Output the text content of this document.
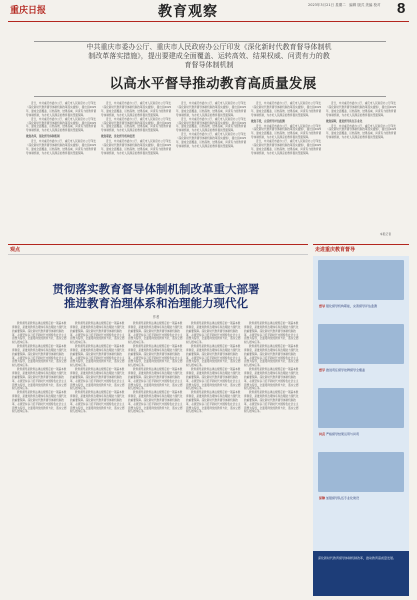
重庆日报	教育观察	2023年3月21日 星期二　编辑 版式 美编 校对	8
中共重庆市委办公厅、重庆市人民政府办公厅印发《深化新时代教育督导体制机制改革落实措施》，提出要建成全面覆盖、运转高效、结果权威、问责有力的教育督导体制机制
以高水平督导推动教育高质量发展

近日，中共重庆市委办公厅、重庆市人民政府办公厅印发《深化新时代教育督导体制机制改革落实措施》，提出到2025年，建成全面覆盖、运转高效、结果权威、问责有力的教育督导体制机制，为办好人民满意的教育提供坚强保障。

近日，中共重庆市委办公厅、重庆市人民政府办公厅印发《深化新时代教育督导体制机制改革落实措施》，提出到2025年，建成全面覆盖、运转高效、结果权威、问责有力的教育督导体制机制，为办好人民满意的教育提供坚强保障。

聚焦改革，强化督导体制机制

近日，中共重庆市委办公厅、重庆市人民政府办公厅印发《深化新时代教育督导体制机制改革落实措施》，提出到2025年，建成全面覆盖、运转高效、结果权威、问责有力的教育督导体制机制，为办好人民满意的教育提供坚强保障。

近日，中共重庆市委办公厅、重庆市人民政府办公厅印发《深化新时代教育督导体制机制改革落实措施》，提出到2025年，建成全面覆盖、运转高效、结果权威、问责有力的教育督导体制机制，为办好人民满意的教育提供坚强保障。

近日，中共重庆市委办公厅、重庆市人民政府办公厅印发《深化新时代教育督导体制机制改革落实措施》，提出到2025年，建成全面覆盖、运转高效、结果权威、问责有力的教育督导体制机制，为办好人民满意的教育提供坚强保障。

聚焦职能，优化督导机构设置

近日，中共重庆市委办公厅、重庆市人民政府办公厅印发《深化新时代教育督导体制机制改革落实措施》，提出到2025年，建成全面覆盖、运转高效、结果权威、问责有力的教育督导体制机制，为办好人民满意的教育提供坚强保障。

近日，中共重庆市委办公厅、重庆市人民政府办公厅印发《深化新时代教育督导体制机制改革落实措施》，提出到2025年，建成全面覆盖、运转高效、结果权威、问责有力的教育督导体制机制，为办好人民满意的教育提供坚强保障。

近日，中共重庆市委办公厅、重庆市人民政府办公厅印发《深化新时代教育督导体制机制改革落实措施》，提出到2025年，建成全面覆盖、运转高效、结果权威、问责有力的教育督导体制机制，为办好人民满意的教育提供坚强保障。

近日，中共重庆市委办公厅、重庆市人民政府办公厅印发《深化新时代教育督导体制机制改革落实措施》，提出到2025年，建成全面覆盖、运转高效、结果权威、问责有力的教育督导体制机制，为办好人民满意的教育提供坚强保障。

近日，中共重庆市委办公厅、重庆市人民政府办公厅印发《深化新时代教育督导体制机制改革落实措施》，提出到2025年，建成全面覆盖、运转高效、结果权威、问责有力的教育督导体制机制，为办好人民满意的教育提供坚强保障。

聚焦手段，完善督导评估监测

近日，中共重庆市委办公厅、重庆市人民政府办公厅印发《深化新时代教育督导体制机制改革落实措施》，提出到2025年，建成全面覆盖、运转高效、结果权威、问责有力的教育督导体制机制，为办好人民满意的教育提供坚强保障。

近日，中共重庆市委办公厅、重庆市人民政府办公厅印发《深化新时代教育督导体制机制改革落实措施》，提出到2025年，建成全面覆盖、运转高效、结果权威、问责有力的教育督导体制机制，为办好人民满意的教育提供坚强保障。

近日，中共重庆市委办公厅、重庆市人民政府办公厅印发《深化新时代教育督导体制机制改革落实措施》，提出到2025年，建成全面覆盖、运转高效、结果权威、问责有力的教育督导体制机制，为办好人民满意的教育提供坚强保障。

聚焦保障，推进督导队伍专业化

近日，中共重庆市委办公厅、重庆市人民政府办公厅印发《深化新时代教育督导体制机制改革落实措施》，提出到2025年，建成全面覆盖、运转高效、结果权威、问责有力的教育督导体制机制，为办好人民满意的教育提供坚强保障。

本报记者
观点	走进重庆教育督导
贯彻落实教育督导体制机制改革重大部署
推进教育治理体系和治理能力现代化
作者

教育督导是教育法律法规规定的一项基本教育制度，是推进教育治理体系和治理能力现代化的重要保障。深化新时代教育督导体制机制改革，必须坚持以习近平新时代中国特色社会主义思想为指导，全面贯彻党的教育方针，落实立德树人根本任务。

教育督导是教育法律法规规定的一项基本教育制度，是推进教育治理体系和治理能力现代化的重要保障。深化新时代教育督导体制机制改革，必须坚持以习近平新时代中国特色社会主义思想为指导，全面贯彻党的教育方针，落实立德树人根本任务。

教育督导是教育法律法规规定的一项基本教育制度，是推进教育治理体系和治理能力现代化的重要保障。深化新时代教育督导体制机制改革，必须坚持以习近平新时代中国特色社会主义思想为指导，全面贯彻党的教育方针，落实立德树人根本任务。

教育督导是教育法律法规规定的一项基本教育制度，是推进教育治理体系和治理能力现代化的重要保障。深化新时代教育督导体制机制改革，必须坚持以习近平新时代中国特色社会主义思想为指导，全面贯彻党的教育方针，落实立德树人根本任务。

教育督导是教育法律法规规定的一项基本教育制度，是推进教育治理体系和治理能力现代化的重要保障。深化新时代教育督导体制机制改革，必须坚持以习近平新时代中国特色社会主义思想为指导，全面贯彻党的教育方针，落实立德树人根本任务。

教育督导是教育法律法规规定的一项基本教育制度，是推进教育治理体系和治理能力现代化的重要保障。深化新时代教育督导体制机制改革，必须坚持以习近平新时代中国特色社会主义思想为指导，全面贯彻党的教育方针，落实立德树人根本任务。

教育督导是教育法律法规规定的一项基本教育制度，是推进教育治理体系和治理能力现代化的重要保障。深化新时代教育督导体制机制改革，必须坚持以习近平新时代中国特色社会主义思想为指导，全面贯彻党的教育方针，落实立德树人根本任务。

教育督导是教育法律法规规定的一项基本教育制度，是推进教育治理体系和治理能力现代化的重要保障。深化新时代教育督导体制机制改革，必须坚持以习近平新时代中国特色社会主义思想为指导，全面贯彻党的教育方针，落实立德树人根本任务。

教育督导是教育法律法规规定的一项基本教育制度，是推进教育治理体系和治理能力现代化的重要保障。深化新时代教育督导体制机制改革，必须坚持以习近平新时代中国特色社会主义思想为指导，全面贯彻党的教育方针，落实立德树人根本任务。

教育督导是教育法律法规规定的一项基本教育制度，是推进教育治理体系和治理能力现代化的重要保障。深化新时代教育督导体制机制改革，必须坚持以习近平新时代中国特色社会主义思想为指导，全面贯彻党的教育方针，落实立德树人根本任务。

教育督导是教育法律法规规定的一项基本教育制度，是推进教育治理体系和治理能力现代化的重要保障。深化新时代教育督导体制机制改革，必须坚持以习近平新时代中国特色社会主义思想为指导，全面贯彻党的教育方针，落实立德树人根本任务。

教育督导是教育法律法规规定的一项基本教育制度，是推进教育治理体系和治理能力现代化的重要保障。深化新时代教育督导体制机制改革，必须坚持以习近平新时代中国特色社会主义思想为指导，全面贯彻党的教育方针，落实立德树人根本任务。

教育督导是教育法律法规规定的一项基本教育制度，是推进教育治理体系和治理能力现代化的重要保障。深化新时代教育督导体制机制改革，必须坚持以习近平新时代中国特色社会主义思想为指导，全面贯彻党的教育方针，落实立德树人根本任务。

教育督导是教育法律法规规定的一项基本教育制度，是推进教育治理体系和治理能力现代化的重要保障。深化新时代教育督导体制机制改革，必须坚持以习近平新时代中国特色社会主义思想为指导，全面贯彻党的教育方针，落实立德树人根本任务。

教育督导是教育法律法规规定的一项基本教育制度，是推进教育治理体系和治理能力现代化的重要保障。深化新时代教育督导体制机制改革，必须坚持以习近平新时代中国特色社会主义思想为指导，全面贯彻党的教育方针，落实立德树人根本任务。

教育督导是教育法律法规规定的一项基本教育制度，是推进教育治理体系和治理能力现代化的重要保障。深化新时代教育督导体制机制改革，必须坚持以习近平新时代中国特色社会主义思想为指导，全面贯彻党的教育方针，落实立德树人根本任务。

教育督导是教育法律法规规定的一项基本教育制度，是推进教育治理体系和治理能力现代化的重要保障。深化新时代教育督导体制机制改革，必须坚持以习近平新时代中国特色社会主义思想为指导，全面贯彻党的教育方针，落实立德树人根本任务。

教育督导是教育法律法规规定的一项基本教育制度，是推进教育治理体系和治理能力现代化的重要保障。深化新时代教育督导体制机制改革，必须坚持以习近平新时代中国特色社会主义思想为指导，全面贯彻党的教育方针，落实立德树人根本任务。

教育督导是教育法律法规规定的一项基本教育制度，是推进教育治理体系和治理能力现代化的重要保障。深化新时代教育督导体制机制改革，必须坚持以习近平新时代中国特色社会主义思想为指导，全面贯彻党的教育方针，落实立德树人根本任务。

教育督导是教育法律法规规定的一项基本教育制度，是推进教育治理体系和治理能力现代化的重要保障。深化新时代教育督导体制机制改革，必须坚持以习近平新时代中国特色社会主义思想为指导，全面贯彻党的教育方针，落实立德树人根本任务。

督导 强化督导机构职能，完善督导评估监测
督学 推进责任督学挂牌督导全覆盖
问责 严格督导结果运用与问责
保障 加强督导队伍专业化建设

深化新时代教育督导体制机制改革，推动教育高质量发展。
